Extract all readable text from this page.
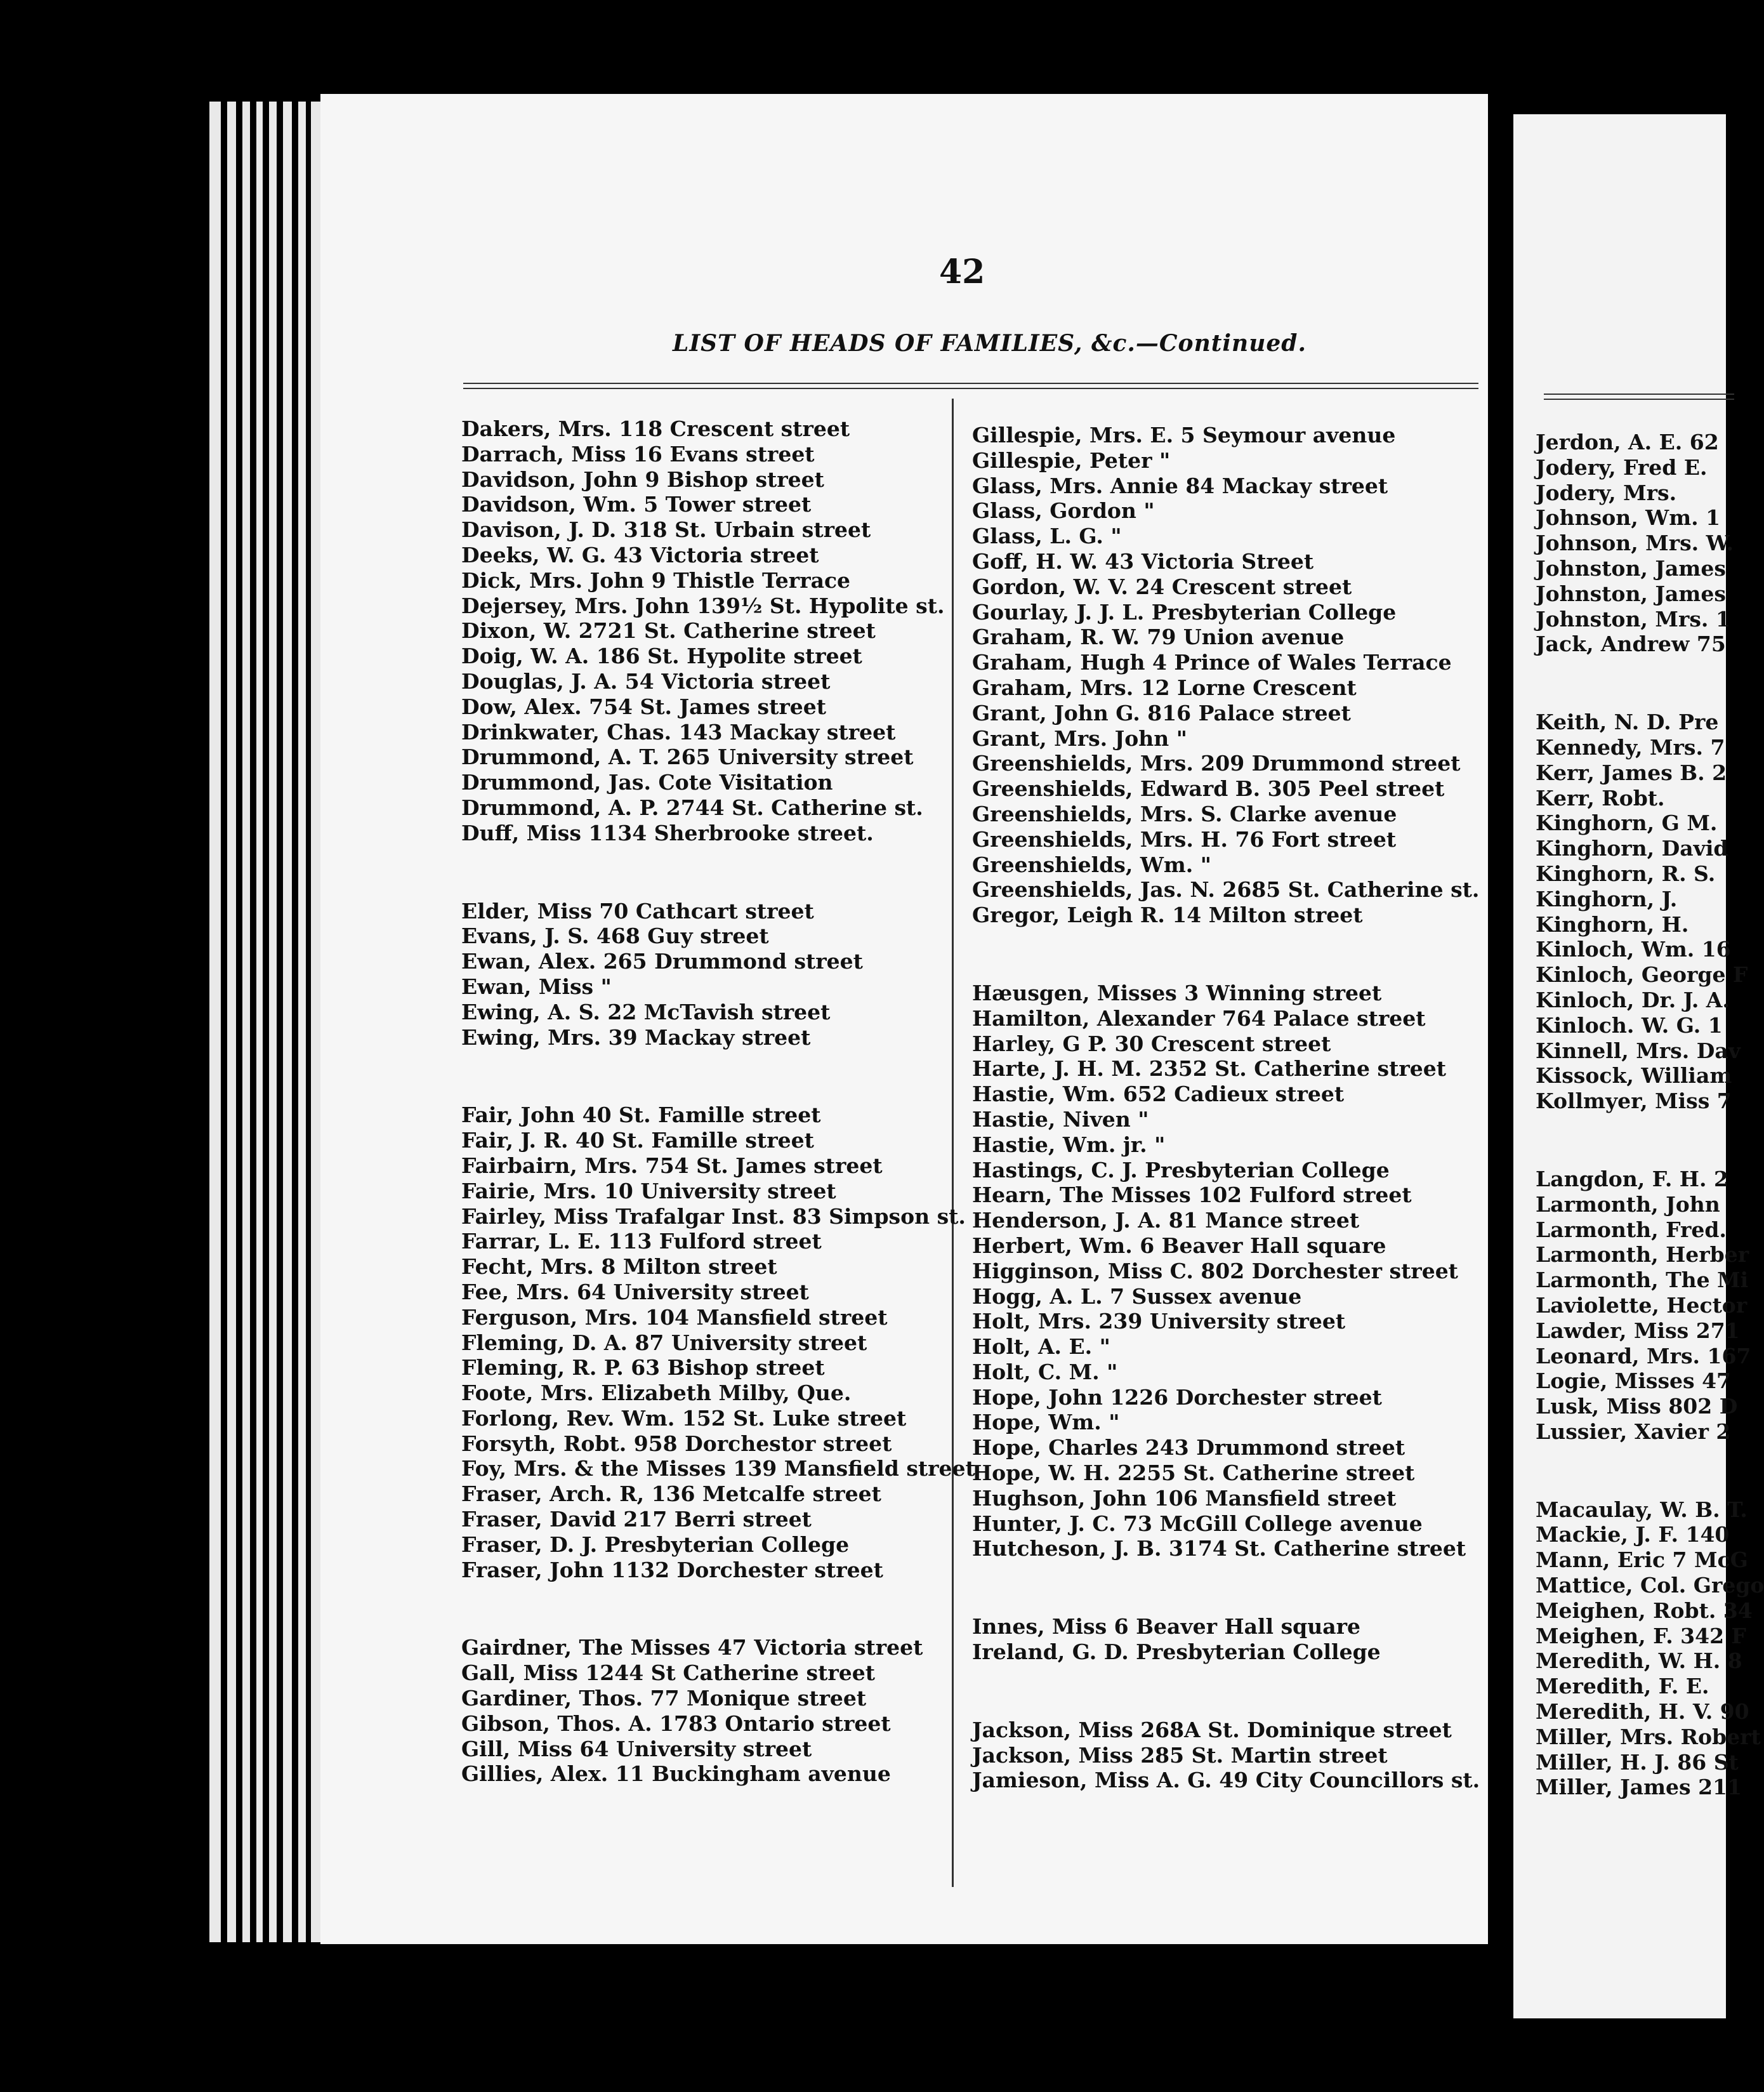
42
LIST OF HEADS OF FAMILIES, &c.—Continued.
Dakers, Mrs. 118 Crescent street
Darrach, Miss 16 Evans street
Davidson, John 9 Bishop street
Davidson, Wm. 5 Tower street
Davison, J. D. 318 St. Urbain street
Deeks, W. G. 43 Victoria street
Dick, Mrs. John 9 Thistle Terrace
Dejersey, Mrs. John 139½ St. Hypolite st.
Dixon, W. 2721 St. Catherine street
Doig, W. A. 186 St. Hypolite street
Douglas, J. A. 54 Victoria street
Dow, Alex. 754 St. James street
Drinkwater, Chas. 143 Mackay street
Drummond, A. T. 265 University street
Drummond, Jas. Cote Visitation
Drummond, A. P. 2744 St. Catherine st.
Duff, Miss 1134 Sherbrooke street.
Elder, Miss 70 Cathcart street
Evans, J. S. 468 Guy street
Ewan, Alex. 265 Drummond street
Ewan, Miss "
Ewing, A. S. 22 McTavish street
Ewing, Mrs. 39 Mackay street
Fair, John 40 St. Famille street
Fair, J. R. 40 St. Famille street
Fairbairn, Mrs. 754 St. James street
Fairie, Mrs. 10 University street
Fairley, Miss Trafalgar Inst. 83 Simpson st.
Farrar, L. E. 113 Fulford street
Fecht, Mrs. 8 Milton street
Fee, Mrs. 64 University street
Ferguson, Mrs. 104 Mansfield street
Fleming, D. A. 87 University street
Fleming, R. P. 63 Bishop street
Foote, Mrs. Elizabeth Milby, Que.
Forlong, Rev. Wm. 152 St. Luke street
Forsyth, Robt. 958 Dorchestor street
Foy, Mrs. & the Misses 139 Mansfield street
Fraser, Arch. R, 136 Metcalfe street
Fraser, David 217 Berri street
Fraser, D. J. Presbyterian College
Fraser, John 1132 Dorchester street
Gairdner, The Misses 47 Victoria street
Gall, Miss 1244 St Catherine street
Gardiner, Thos. 77 Monique street
Gibson, Thos. A. 1783 Ontario street
Gill, Miss 64 University street
Gillies, Alex. 11 Buckingham avenue
Gillespie, Mrs. E. 5 Seymour avenue
Gillespie, Peter "
Glass, Mrs. Annie 84 Mackay street
Glass, Gordon "
Glass, L. G. "
Goff, H. W. 43 Victoria Street
Gordon, W. V. 24 Crescent street
Gourlay, J. J. L. Presbyterian College
Graham, R. W. 79 Union avenue
Graham, Hugh 4 Prince of Wales Terrace
Graham, Mrs. 12 Lorne Crescent
Grant, John G. 816 Palace street
Grant, Mrs. John "
Greenshields, Mrs. 209 Drummond street
Greenshields, Edward B. 305 Peel street
Greenshields, Mrs. S. Clarke avenue
Greenshields, Mrs. H. 76 Fort street
Greenshields, Wm. "
Greenshields, Jas. N. 2685 St. Catherine st.
Gregor, Leigh R. 14 Milton street
Hæusgen, Misses 3 Winning street
Hamilton, Alexander 764 Palace street
Harley, G P. 30 Crescent street
Harte, J. H. M. 2352 St. Catherine street
Hastie, Wm. 652 Cadieux street
Hastie, Niven "
Hastie, Wm. jr. "
Hastings, C. J. Presbyterian College
Hearn, The Misses 102 Fulford street
Henderson, J. A. 81 Mance street
Herbert, Wm. 6 Beaver Hall square
Higginson, Miss C. 802 Dorchester street
Hogg, A. L. 7 Sussex avenue
Holt, Mrs. 239 University street
Holt, A. E. "
Holt, C. M. "
Hope, John 1226 Dorchester street
Hope, Wm. "
Hope, Charles 243 Drummond street
Hope, W. H. 2255 St. Catherine street
Hughson, John 106 Mansfield street
Hunter, J. C. 73 McGill College avenue
Hutcheson, J. B. 3174 St. Catherine street
Innes, Miss 6 Beaver Hall square
Ireland, G. D. Presbyterian College
Jackson, Miss 268A St. Dominique street
Jackson, Miss 285 St. Martin street
Jamieson, Miss A. G. 49 City Councillors st.
Jerdon, A. E. 62
Jodery, Fred E.
Jodery, Mrs.
Johnson, Wm. 1
Johnson, Mrs. W.
Johnston, James
Johnston, James
Johnston, Mrs. 1
Jack, Andrew 75
Keith, N. D. Pre
Kennedy, Mrs. 7
Kerr, James B. 2
Kerr, Robt.
Kinghorn, G M.
Kinghorn, David
Kinghorn, R. S.
Kinghorn, J.
Kinghorn, H.
Kinloch, Wm. 16
Kinloch, George F
Kinloch, Dr. J. A.
Kinloch. W. G. 1
Kinnell, Mrs. Dav
Kissock, William
Kollmyer, Miss 7
Langdon, F. H. 2
Larmonth, John
Larmonth, Fred.
Larmonth, Herber
Larmonth, The Mi
Laviolette, Hector
Lawder, Miss 271
Leonard, Mrs. 167
Logie, Misses 47
Lusk, Miss 802 D
Lussier, Xavier 2
Macaulay, W. B. T.
Mackie, J. F. 140
Mann, Eric 7 McG
Mattice, Col. Grego
Meighen, Robt. 34
Meighen, F. 342 F
Meredith, W. H. 8
Meredith, F. E.
Meredith, H. V. 90
Miller, Mrs. Robert
Miller, H. J. 86 St
Miller, James 211
